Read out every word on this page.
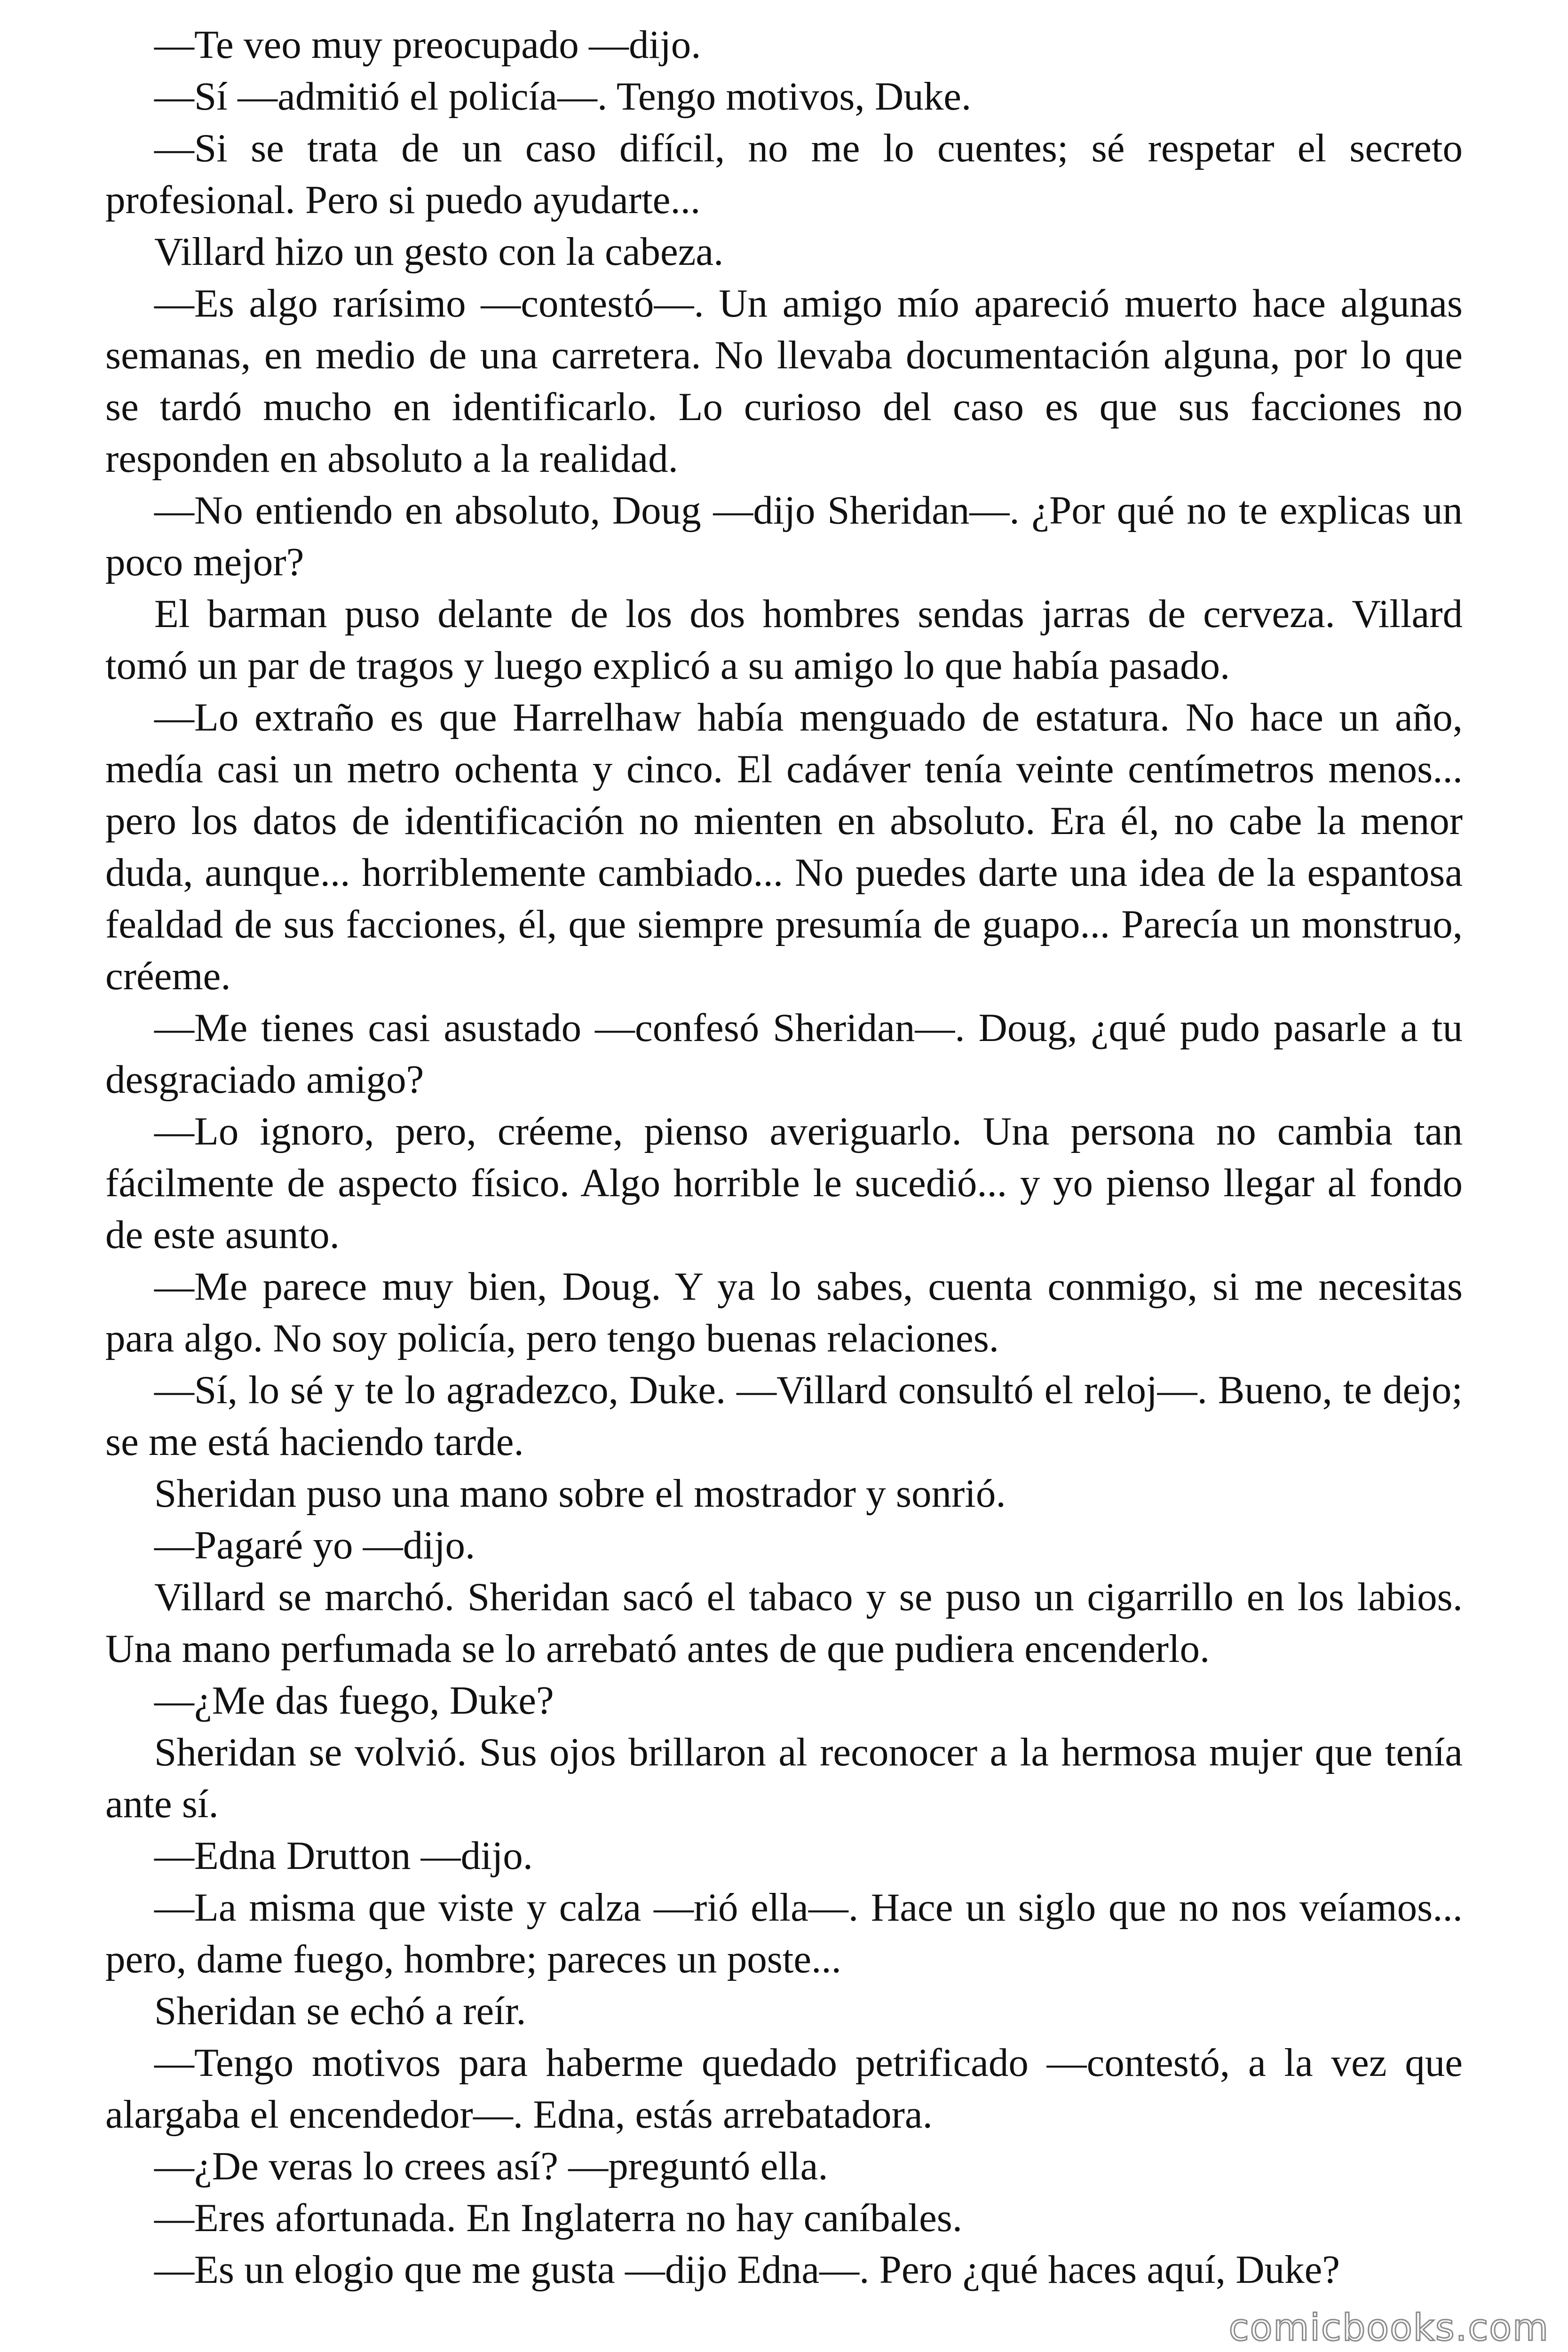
—Te veo muy preocupado —dijo.

—Sí —admitió el policía—. Tengo motivos, Duke.

—Si se trata de un caso difícil, no me lo cuentes; sé respetar el secreto profesional. Pero si puedo ayudarte...

Villard hizo un gesto con la cabeza.

—Es algo rarísimo —contestó—. Un amigo mío apareció muerto hace algunas semanas, en medio de una carretera. No llevaba documentación alguna, por lo que se tardó mucho en identificarlo. Lo curioso del caso es que sus facciones no responden en absoluto a la realidad.

—No entiendo en absoluto, Doug —dijo Sheridan—. ¿Por qué no te explicas un poco mejor?

El barman puso delante de los dos hombres sendas jarras de cerveza. Villard tomó un par de tragos y luego explicó a su amigo lo que había pasado.

—Lo extraño es que Harrelhaw había menguado de estatura. No hace un año, medía casi un metro ochenta y cinco. El cadáver tenía veinte centímetros menos... pero los datos de identificación no mienten en absoluto. Era él, no cabe la menor duda, aunque... horriblemente cambiado... No puedes darte una idea de la espantosa fealdad de sus facciones, él, que siempre presumía de guapo... Parecía un monstruo, créeme.

—Me tienes casi asustado —confesó Sheridan—. Doug, ¿qué pudo pasarle a tu desgraciado amigo?

—Lo ignoro, pero, créeme, pienso averiguarlo. Una persona no cambia tan fácilmente de aspecto físico. Algo horrible le sucedió... y yo pienso llegar al fondo de este asunto.

—Me parece muy bien, Doug. Y ya lo sabes, cuenta conmigo, si me necesitas para algo. No soy policía, pero tengo buenas relaciones.

—Sí, lo sé y te lo agradezco, Duke. —Villard consultó el reloj—. Bueno, te dejo; se me está haciendo tarde.

Sheridan puso una mano sobre el mostrador y sonrió.

—Pagaré yo —dijo.

Villard se marchó. Sheridan sacó el tabaco y se puso un cigarrillo en los labios. Una mano perfumada se lo arrebató antes de que pudiera encenderlo.

—¿Me das fuego, Duke?

Sheridan se volvió. Sus ojos brillaron al reconocer a la hermosa mujer que tenía ante sí.

—Edna Drutton —dijo.

—La misma que viste y calza —rió ella—. Hace un siglo que no nos veíamos... pero, dame fuego, hombre; pareces un poste...

Sheridan se echó a reír.

—Tengo motivos para haberme quedado petrificado —contestó, a la vez que alargaba el encendedor—. Edna, estás arrebatadora.

—¿De veras lo crees así? —preguntó ella.

—Eres afortunada. En Inglaterra no hay caníbales.

—Es un elogio que me gusta —dijo Edna—. Pero ¿qué haces aquí, Duke?

comicbooks.com
